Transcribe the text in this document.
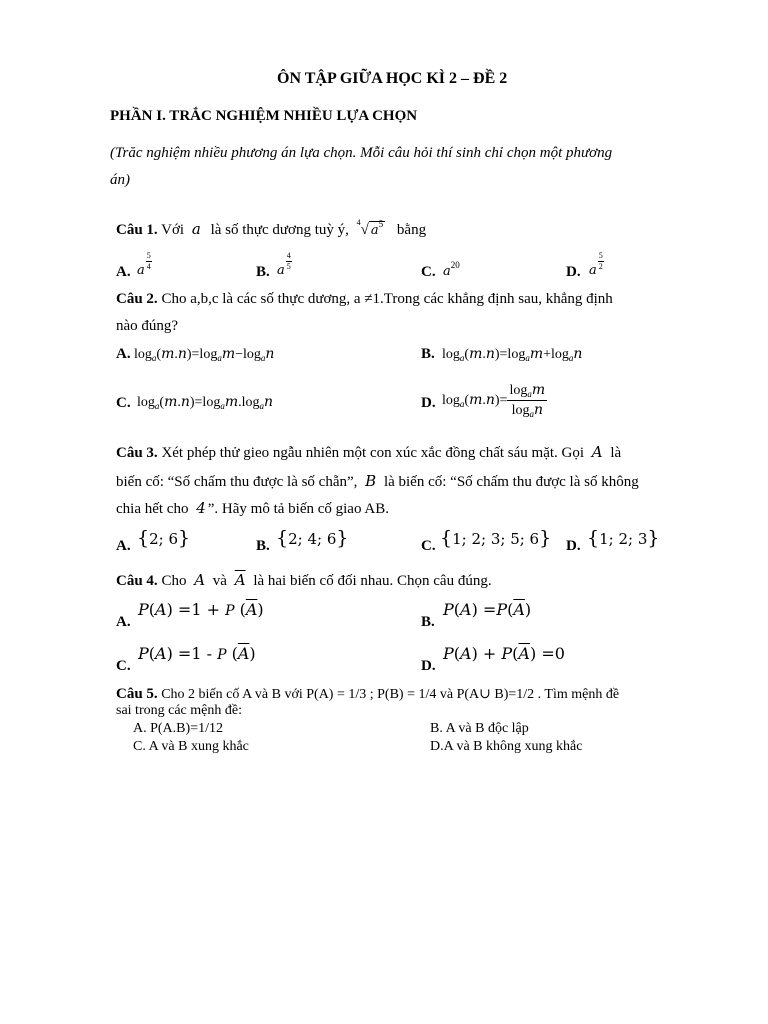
ÔN TẬP GIỮA HỌC KÌ 2 – ĐỀ 2
PHẦN I. TRẮC NGHIỆM NHIỀU LỰA CHỌN
(Trăc nghiệm nhiều phương án lựa chọn. Mỗi câu hỏi thí sinh chỉ chọn một phương
án)
Câu 1. Với a là số thực dương tuỳ ý, $^4$√ $a^5$ bằng
A. a $\frac{5}{4}$
B. a $\frac{4}{5}$
C. $a^{20}$	D. a $\frac{5}{2}$
Câu 2. Cho a,b,c là các số thực dương, a ≠1.Trong các khẳng định sau, khẳng định
nào đúng?
A. $\log_a(m.n)=\log_am-\log_an$	B. $\log_a(m.n)=\log_am+\log_an$
C. $\log_a(m.n)=\log_am.\log_an$	D. $\log_a(m.n)= \frac{\log_am}{\log_an}$
Câu 3. Xét phép thử gieo ngẫu nhiên một con xúc xắc đồng chất sáu mặt. Gọi A là
biến cố: “Số chấm thu được là số chẵn”, B là biến cố: “Số chấm thu được là số không
chia hết cho 4 ”. Hãy mô tả biến cố giao AB.
A. {2; 6}	B. {2; 4; 6}	C. {1; 2; 3; 5; 6} D. {1; 2; 3}
Câu 4. Cho A và $\overline{A}$ là hai biến cố đối nhau. Chọn câu đúng.
A.
P(A) =1 + P $(\overline{A})$
B.
$P(A) =P(\overline{A})$
C.
P(A) =1 - P $(\overline{A})$
D.
$P(A) + P(\overline{A}) =0$
Câu 5. Cho 2 biến cố A và B với P(A) = 1/3 ; P(B) = 1/4 và P(A∪ B)=1/2 . Tìm mệnh đề
sai trong các mệnh đề:
A. P(A.B)=1/12	B. A và B độc lập
C. A và B xung khắc	D.A và B không xung khắc
